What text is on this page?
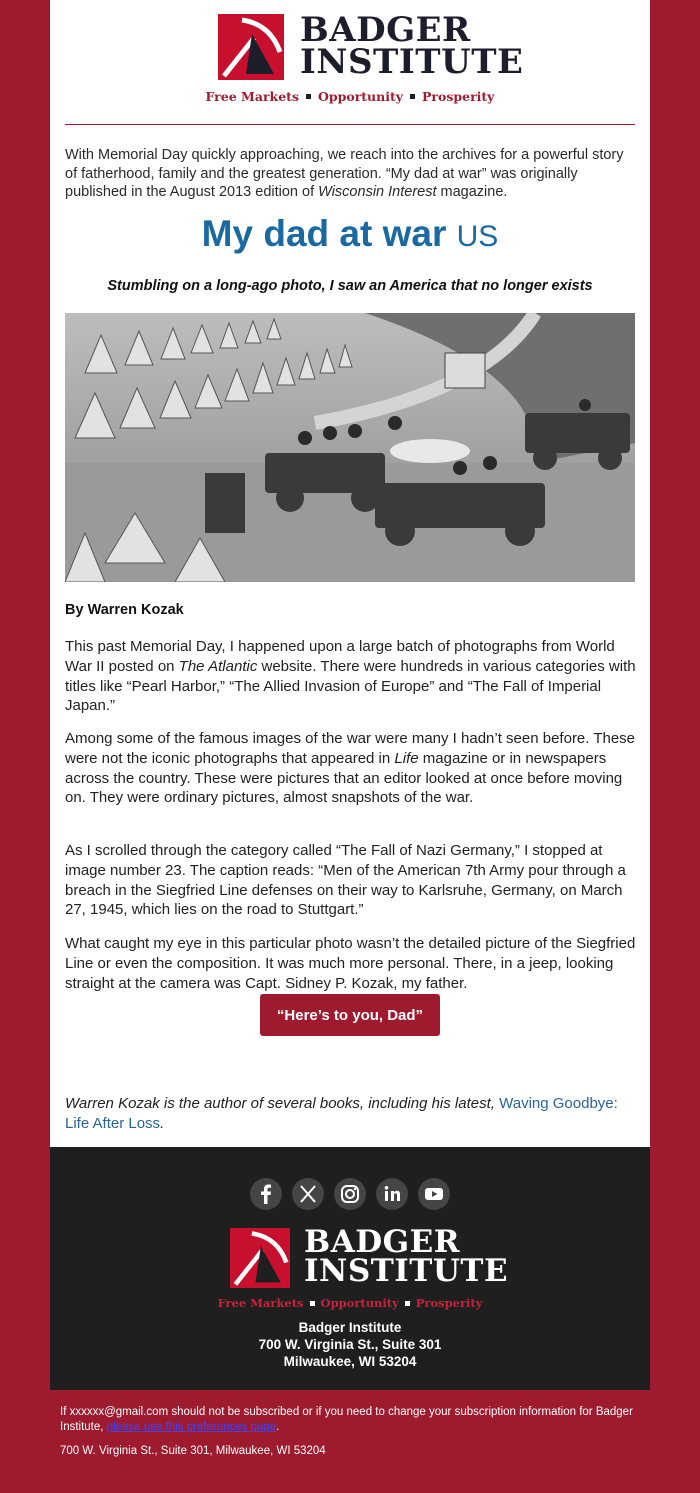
BADGER
INSTITUTE
Free Markets Opportunity Prosperity
With Memorial Day quickly approaching, we reach into the archives for a powerful story of fatherhood, family and the greatest generation. “My dad at war” was originally published in the August 2013 edition of Wisconsin Interest magazine.
My dad at war US
Stumbling on a long-ago photo, I saw an America that no longer exists
By Warren Kozak
This past Memorial Day, I happened upon a large batch of photographs from World War II posted on The Atlantic website. There were hundreds in various categories with titles like “Pearl Harbor,” “The Allied Invasion of Europe” and “The Fall of Imperial Japan.”
Among some of the famous images of the war were many I hadn’t seen before. These were not the iconic photographs that appeared in Life magazine or in newspapers across the country. These were pictures that an editor looked at once before moving on. They were ordinary pictures, almost snapshots of the war.
As I scrolled through the category called “The Fall of Nazi Germany,” I stopped at image number 23. The caption reads: “Men of the American 7th Army pour through a breach in the Siegfried Line defenses on their way to Karlsruhe, Germany, on March 27, 1945, which lies on the road to Stuttgart.”
What caught my eye in this particular photo wasn’t the detailed picture of the Siegfried Line or even the composition. It was much more personal. There, in a jeep, looking straight at the camera was Capt. Sidney P. Kozak, my father.
“Here’s to you, Dad”
Warren Kozak is the author of several books, including his latest, Waving Goodbye: Life After Loss.
BADGER
INSTITUTE
Free Markets Opportunity Prosperity
Badger Institute
700 W. Virginia St., Suite 301
Milwaukee, WI 53204
If xxxxxx@gmail.com should not be subscribed or if you need to change your subscription information for Badger Institute, please use this preferences page.
700 W. Virginia St., Suite 301, Milwaukee, WI 53204
